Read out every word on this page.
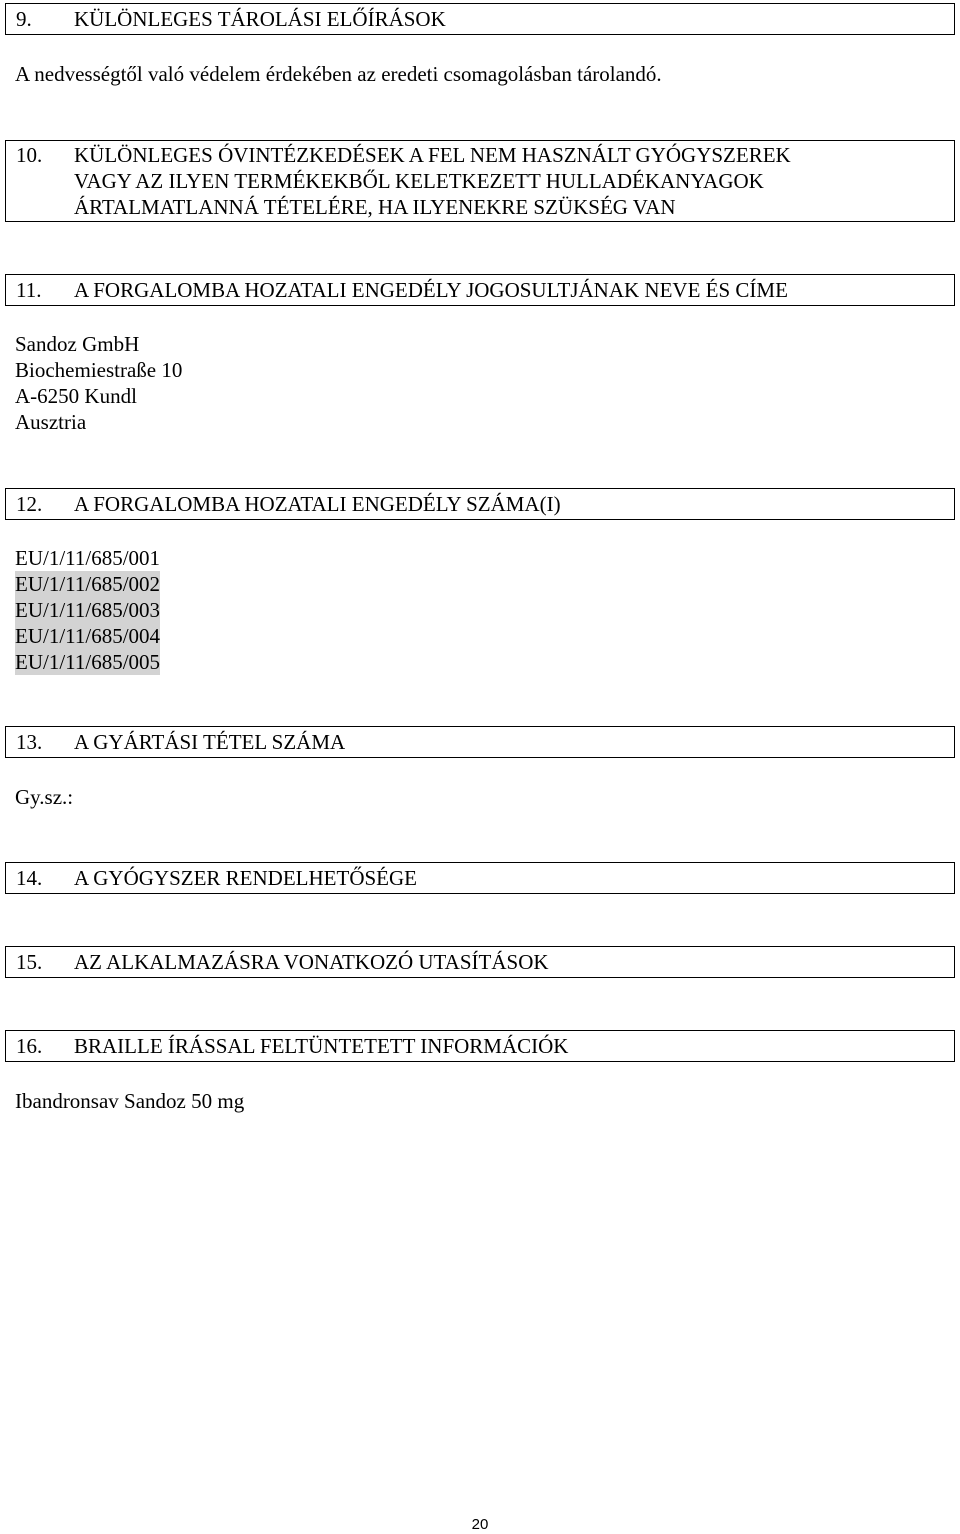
9. KÜLÖNLEGES TÁROLÁSI ELŐÍRÁSOK
A nedvességtől való védelem érdekében az eredeti csomagolásban tárolandó.
10. KÜLÖNLEGES ÓVINTÉZKEDÉSEK A FEL NEM HASZNÁLT GYÓGYSZEREK
VAGY AZ ILYEN TERMÉKEKBŐL KELETKEZETT HULLADÉKANYAGOK
ÁRTALMATLANNÁ TÉTELÉRE, HA ILYENEKRE SZÜKSÉG VAN
11. A FORGALOMBA HOZATALI ENGEDÉLY JOGOSULTJÁNAK NEVE ÉS CÍME
Sandoz GmbH
Biochemiestraße 10
A-6250 Kundl
Ausztria
12. A FORGALOMBA HOZATALI ENGEDÉLY SZÁMA(I)
EU/1/11/685/001
EU/1/11/685/002
EU/1/11/685/003
EU/1/11/685/004
EU/1/11/685/005
13. A GYÁRTÁSI TÉTEL SZÁMA
Gy.sz.:
14. A GYÓGYSZER RENDELHETŐSÉGE
15. AZ ALKALMAZÁSRA VONATKOZÓ UTASÍTÁSOK
16. BRAILLE ÍRÁSSAL FELTÜNTETETT INFORMÁCIÓK
Ibandronsav Sandoz 50 mg
20
